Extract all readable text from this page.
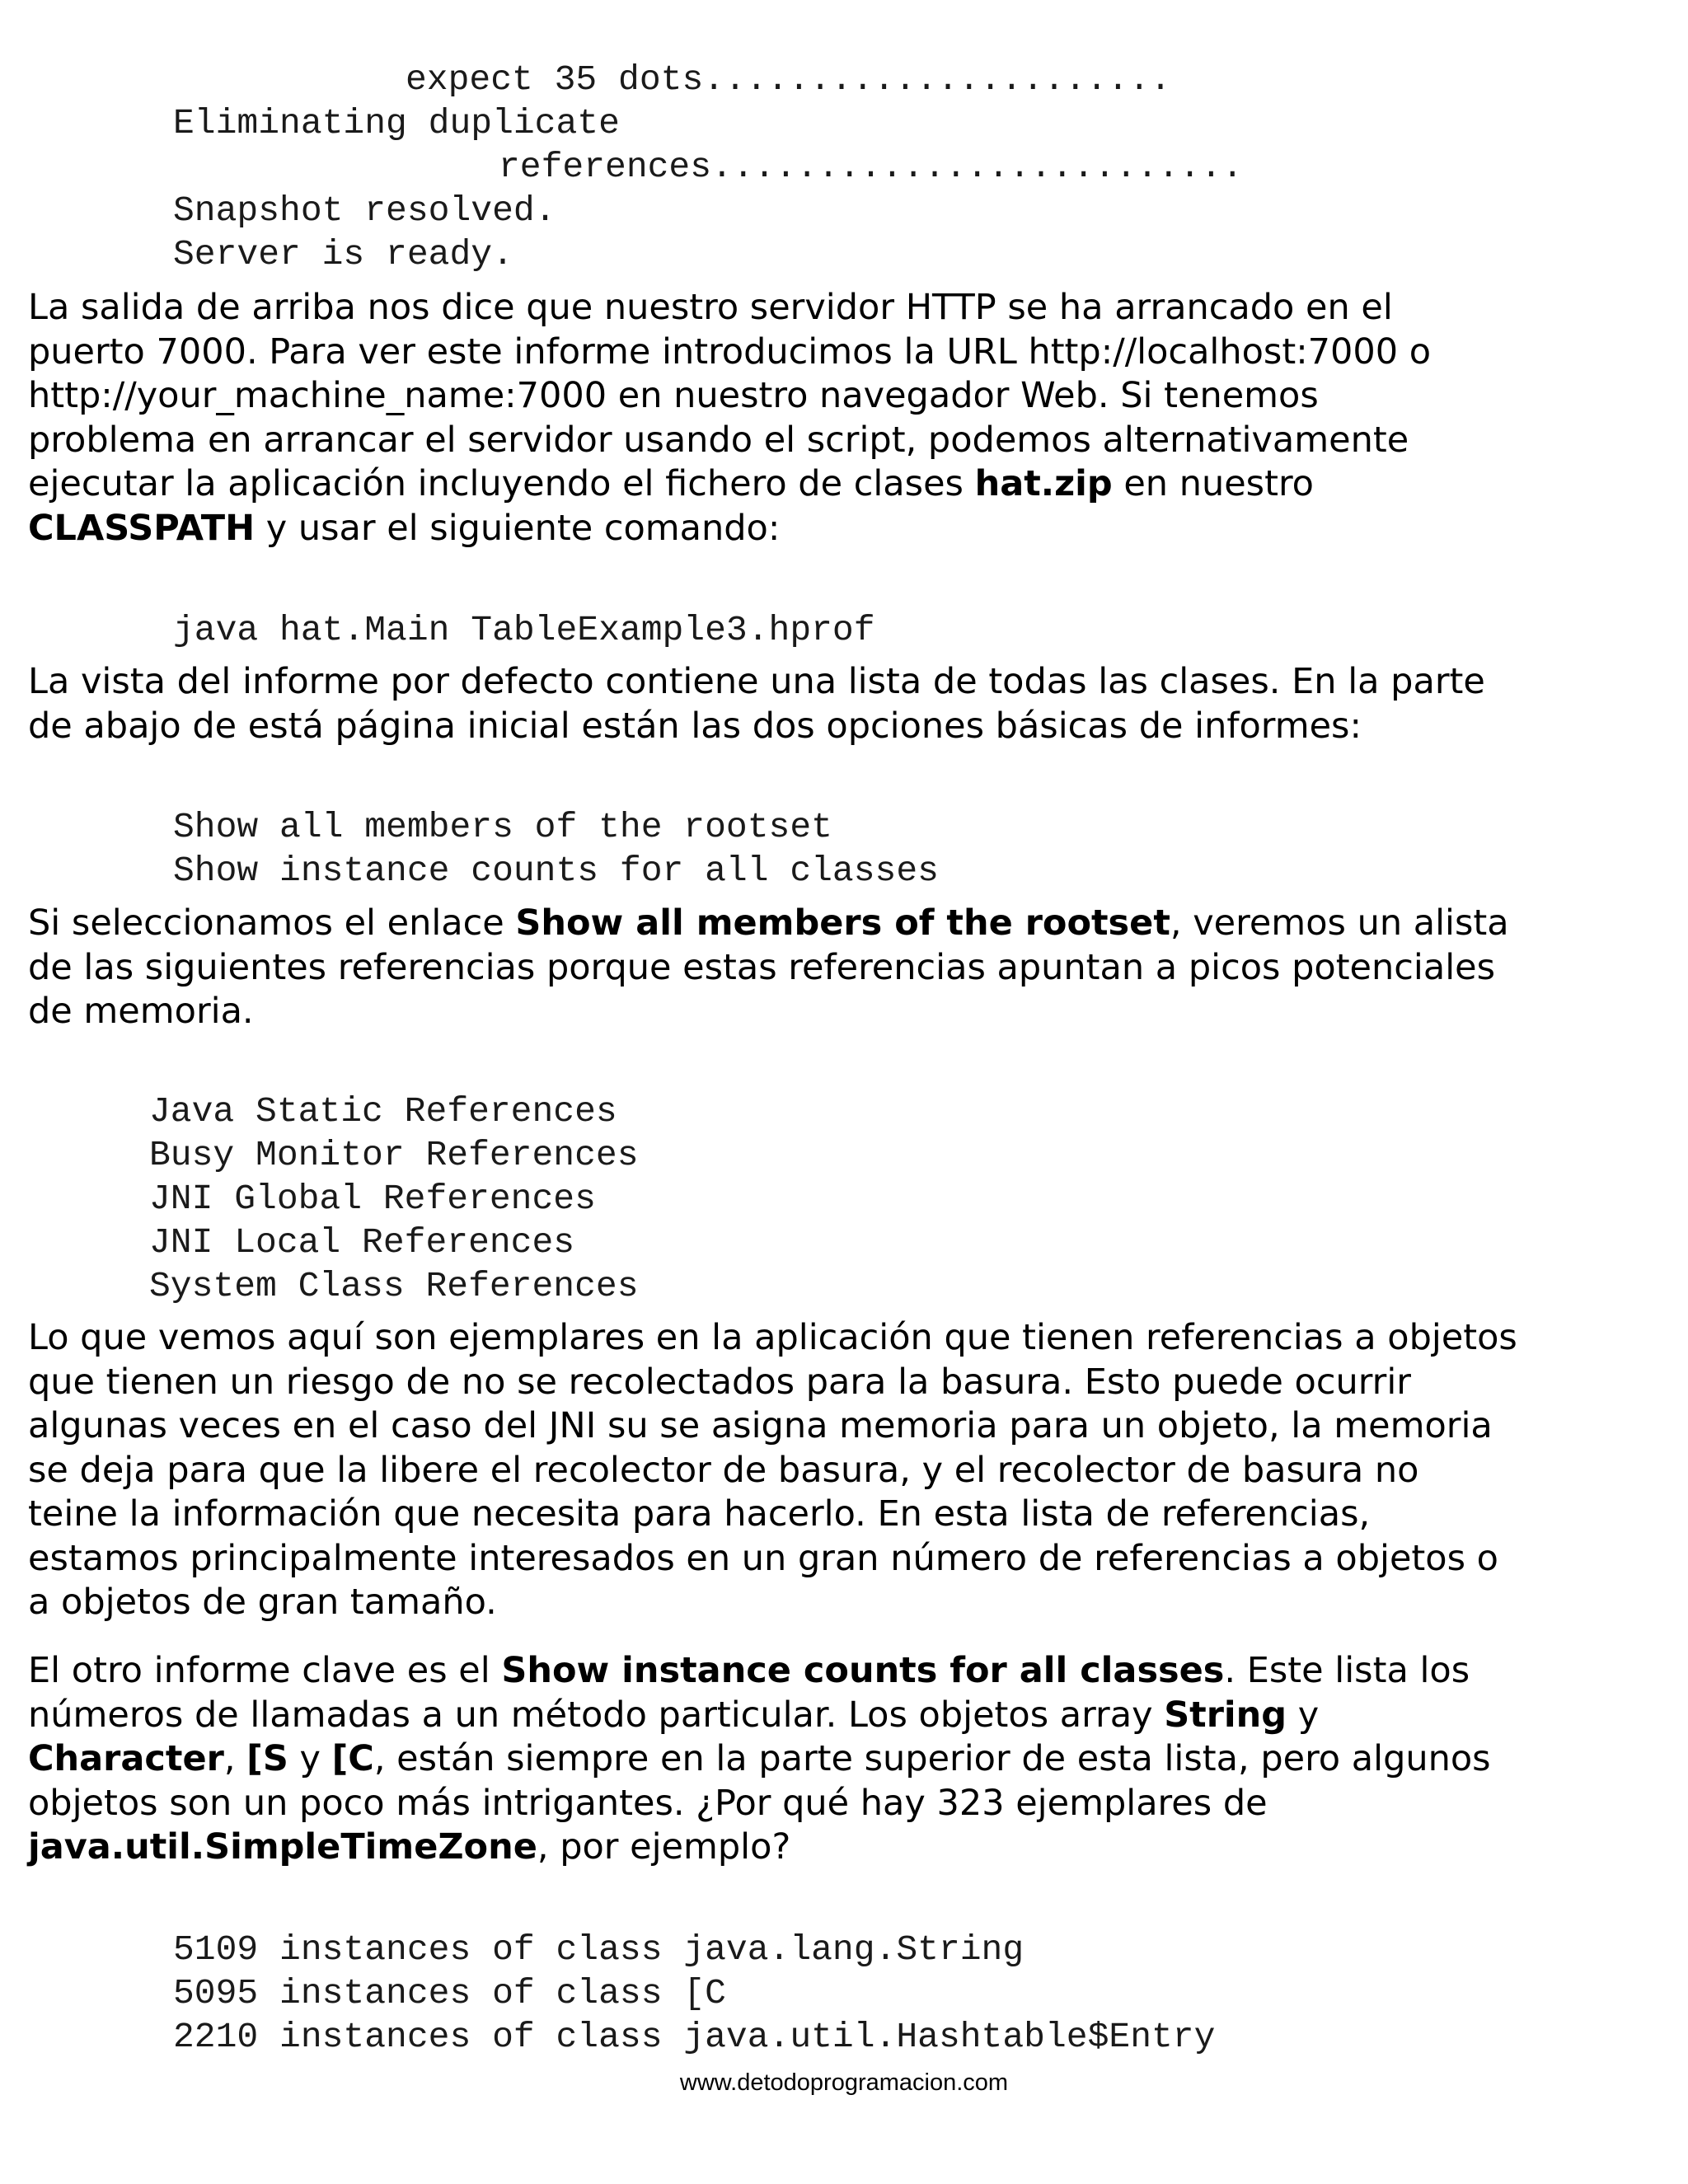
expect 35 dots......................
Eliminating duplicate
references.........................
Snapshot resolved.
Server is ready.
La salida de arriba nos dice que nuestro servidor HTTP se ha arrancado en el
puerto 7000. Para ver este informe introducimos la URL http://localhost:7000 o
http://your_machine_name:7000 en nuestro navegador Web. Si tenemos
problema en arrancar el servidor usando el script, podemos alternativamente
ejecutar la aplicación incluyendo el fichero de clases hat.zip en nuestro
CLASSPATH y usar el siguiente comando:
java hat.Main TableExample3.hprof
La vista del informe por defecto contiene una lista de todas las clases. En la parte
de abajo de está página inicial están las dos opciones básicas de informes:
Show all members of the rootset
Show instance counts for all classes
Si seleccionamos el enlace Show all members of the rootset, veremos un alista
de las siguientes referencias porque estas referencias apuntan a picos potenciales
de memoria.
Java Static References
Busy Monitor References
JNI Global References
JNI Local References
System Class References
Lo que vemos aquí son ejemplares en la aplicación que tienen referencias a objetos
que tienen un riesgo de no se recolectados para la basura. Esto puede ocurrir
algunas veces en el caso del JNI su se asigna memoria para un objeto, la memoria
se deja para que la libere el recolector de basura, y el recolector de basura no
teine la información que necesita para hacerlo. En esta lista de referencias,
estamos principalmente interesados en un gran número de referencias a objetos o
a objetos de gran tamaño.
El otro informe clave es el Show instance counts for all classes. Este lista los
números de llamadas a un método particular. Los objetos array String y
Character, [S y [C, están siempre en la parte superior de esta lista, pero algunos
objetos son un poco más intrigantes. ¿Por qué hay 323 ejemplares de
java.util.SimpleTimeZone, por ejemplo?
5109 instances of class java.lang.String
5095 instances of class [C
2210 instances of class java.util.Hashtable$Entry
www.detodoprogramacion.com
